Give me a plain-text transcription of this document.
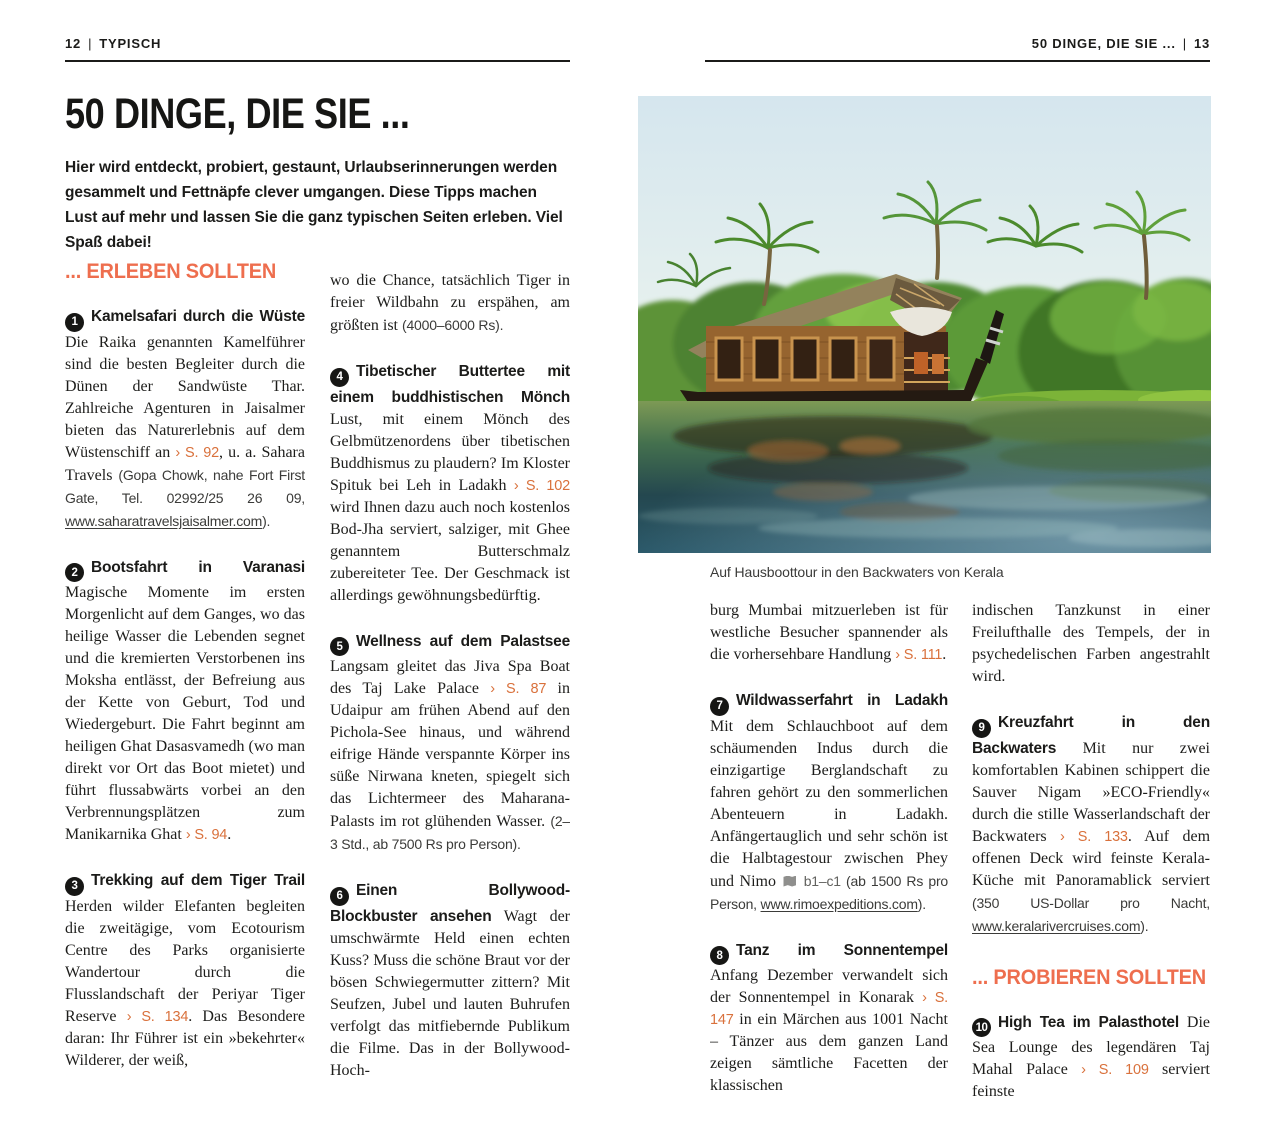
12 | TYPISCH	50 DINGE, DIE SIE ... | 13
50 DINGE, DIE SIE ...

Hier wird entdeckt, probiert, gestaunt, Urlaubserinnerungen werden gesammelt und Fettnäpfe clever umgangen. Diese Tipps machen Lust auf mehr und lassen Sie die ganz typischen Seiten erleben. Viel Spaß dabei!

... ERLEBEN SOLLTEN

1 Kamelsafari durch die Wüste Die Raika genannten Kamelführer sind die besten Begleiter durch die Dünen der Sandwüste Thar. Zahlreiche Agenturen in Jaisalmer bieten das Naturerlebnis auf dem Wüstenschiff an › S. 92, u. a. Sahara Travels (Gopa Chowk, nahe Fort First Gate, Tel. 02992/25 26 09, www.saharatravelsjaisalmer.com).

2 Bootsfahrt in Varanasi Magische Momente im ersten Morgenlicht auf dem Ganges, wo das heilige Wasser die Lebenden segnet und die kremierten Verstorbenen ins Moksha entlässt, der Befreiung aus der Kette von Geburt, Tod und Wiedergeburt. Die Fahrt beginnt am heiligen Ghat Dasasvamedh (wo man direkt vor Ort das Boot mietet) und führt flussabwärts vorbei an den Verbrennungsplätzen zum Manikarnika Ghat › S. 94.

3 Trekking auf dem Tiger Trail Herden wilder Elefanten begleiten die zweitägige, vom Ecotourism Centre des Parks organisierte Wandertour durch die Flusslandschaft der Periyar Tiger Reserve › S. 134. Das Besondere daran: Ihr Führer ist ein »bekehrter« Wilderer, der weiß,

wo die Chance, tatsächlich Tiger in freier Wildbahn zu erspähen, am größten ist (4000–6000 Rs).

4 Tibetischer Buttertee mit einem buddhistischen Mönch Lust, mit einem Mönch des Gelbmützenordens über tibetischen Buddhismus zu plaudern? Im Kloster Spituk bei Leh in Ladakh › S. 102 wird Ihnen dazu auch noch kostenlos Bod-Jha serviert, salziger, mit Ghee genanntem Butterschmalz zubereiteter Tee. Der Geschmack ist allerdings gewöhnungsbedürftig.

5 Wellness auf dem Palastsee Langsam gleitet das Jiva Spa Boat des Taj Lake Palace › S. 87 in Udaipur am frühen Abend auf den Pichola-See hinaus, und während eifrige Hände verspannte Körper ins süße Nirwana kneten, spiegelt sich das Lichtermeer des Maharana-Palasts im rot glühenden Wasser. (2–3 Std., ab 7500 Rs pro Person).

6 Einen Bollywood-Blockbuster ansehen Wagt der umschwärmte Held einen echten Kuss? Muss die schöne Braut vor der bösen Schwiegermutter zittern? Mit Seufzen, Jubel und lauten Buhrufen verfolgt das mitfiebernde Publikum die Filme. Das in der Bollywood-Hoch-

Auf Hausboottour in den Backwaters von Kerala

burg Mumbai mitzuerleben ist für westliche Besucher spannender als die vorhersehbare Handlung › S. 111.

7 Wildwasserfahrt in Ladakh Mit dem Schlauchboot auf dem schäumenden Indus durch die einzigartige Berglandschaft zu fahren gehört zu den sommerlichen Abenteuern in Ladakh. Anfängertauglich und sehr schön ist die Halbtagestour zwischen Phey und Nimo  b1–c1 (ab 1500 Rs pro Person, www.rimoexpeditions.com).

8 Tanz im Sonnentempel Anfang Dezember verwandelt sich der Sonnentempel in Konarak › S. 147 in ein Märchen aus 1001 Nacht – Tänzer aus dem ganzen Land zeigen sämtliche Facetten der klassischen

indischen Tanzkunst in einer Freilufthalle des Tempels, der in psychedelischen Farben angestrahlt wird.

9 Kreuzfahrt in den Backwaters Mit nur zwei komfortablen Kabinen schippert die Sauver Nigam »ECO-Friendly« durch die stille Wasserlandschaft der Backwaters › S. 133. Auf dem offenen Deck wird feinste Kerala-Küche mit Panoramablick serviert (350 US-Dollar pro Nacht, www.keralarivercruises.com).

... PROBIEREN SOLLTEN

10 High Tea im Palasthotel Die Sea Lounge des legendären Taj Mahal Palace › S. 109 serviert feinste
